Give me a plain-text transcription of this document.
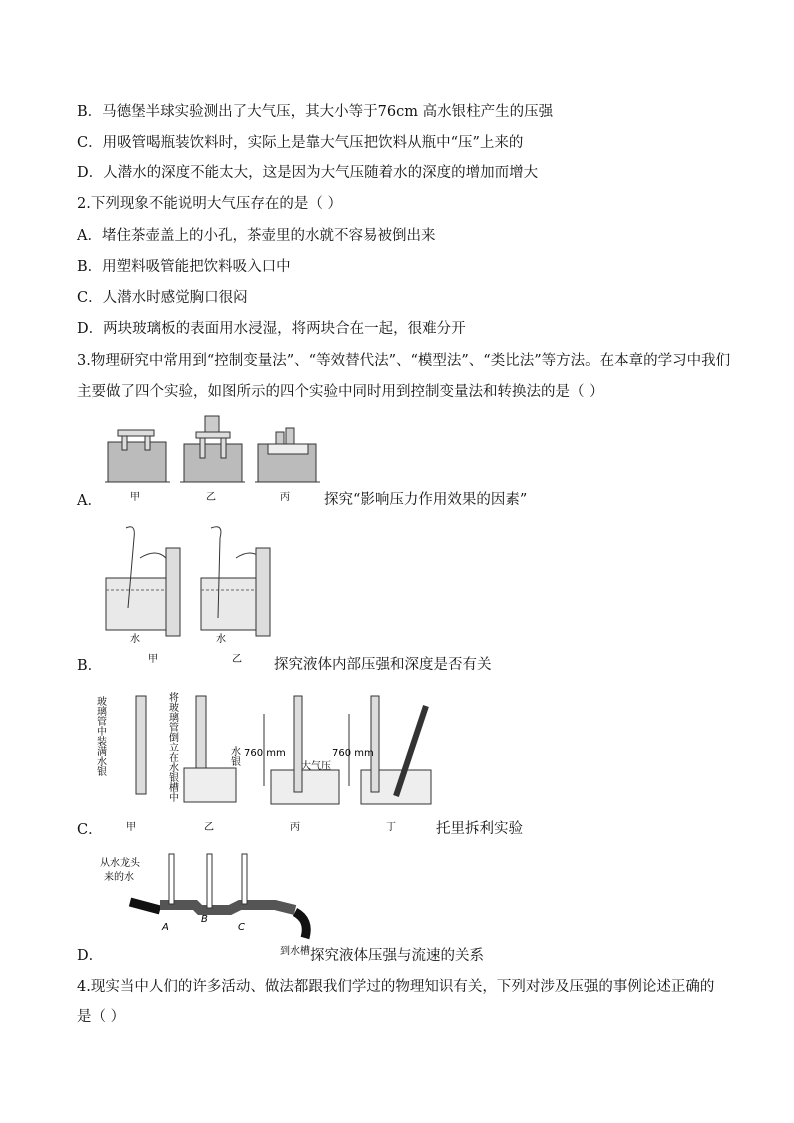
B．马德堡半球实验测出了大气压，其大小等于76cm 高水银柱产生的压强
C．用吸管喝瓶装饮料时，实际上是靠大气压把饮料从瓶中“压”上来的
D．人潜水的深度不能太大，这是因为大气压随着水的深度的增加而增大
2.下列现象不能说明大气压存在的是（ ）
A．堵住茶壶盖上的小孔，茶壶里的水就不容易被倒出来
B．用塑料吸管能把饮料吸入口中
C．人潜水时感觉胸口很闷
D．两块玻璃板的表面用水浸湿，将两块合在一起，很难分开
3.物理研究中常用到“控制变量法”、“等效替代法”、“模型法”、“类比法”等方法。在本章的学习中我们
主要做了四个实验，如图所示的四个实验中同时用到控制变量法和转换法的是（ ）
A．	甲	乙	丙 探究“影响压力作用效果的因素”
B．
水	水
甲	乙 探究液体内部压强和深度是否有关
C．
玻璃管中装满水银	将玻璃管倒立在水银槽中	水银 760 mm
大气压
760 mm
甲	乙	丙	丁	托里拆利实验
D．
从水龙头
来的水
A
B
C
到水槽 探究液体压强与流速的关系
4.现实当中人们的许多活动、做法都跟我们学过的物理知识有关，下列对涉及压强的事例论述正确的
是（ ）
